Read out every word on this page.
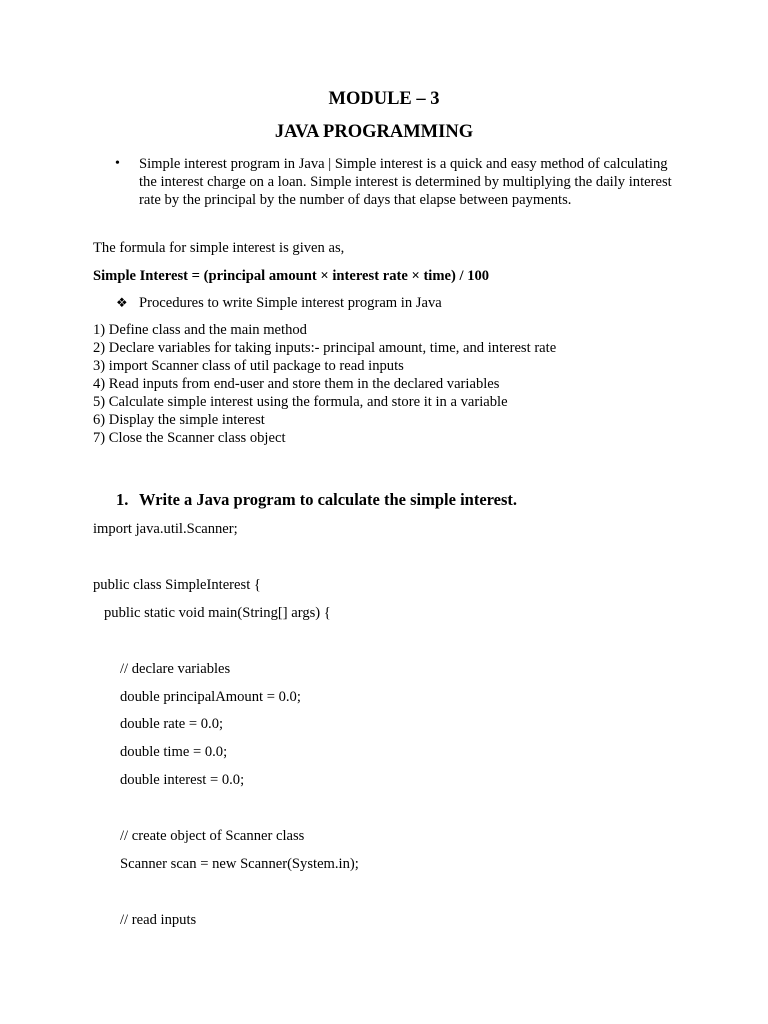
MODULE – 3
JAVA PROGRAMMING
• Simple interest program in Java | Simple interest is a quick and easy method of calculating the interest charge on a loan. Simple interest is determined by multiplying the daily interest rate by the principal by the number of days that elapse between payments.
The formula for simple interest is given as,
Simple Interest = (principal amount × interest rate × time) / 100
❖ Procedures to write Simple interest program in Java
1) Define class and the main method
2) Declare variables for taking inputs:- principal amount, time, and interest rate
3) import Scanner class of util package to read inputs
4) Read inputs from end-user and store them in the declared variables
5) Calculate simple interest using the formula, and store it in a variable
6) Display the simple interest
7) Close the Scanner class object
1. Write a Java program to calculate the simple interest.
import java.util.Scanner;
public class SimpleInterest {
public static void main(String[] args) {
// declare variables
double principalAmount = 0.0;
double rate = 0.0;
double time = 0.0;
double interest = 0.0;
// create object of Scanner class
Scanner scan = new Scanner(System.in);
// read inputs
